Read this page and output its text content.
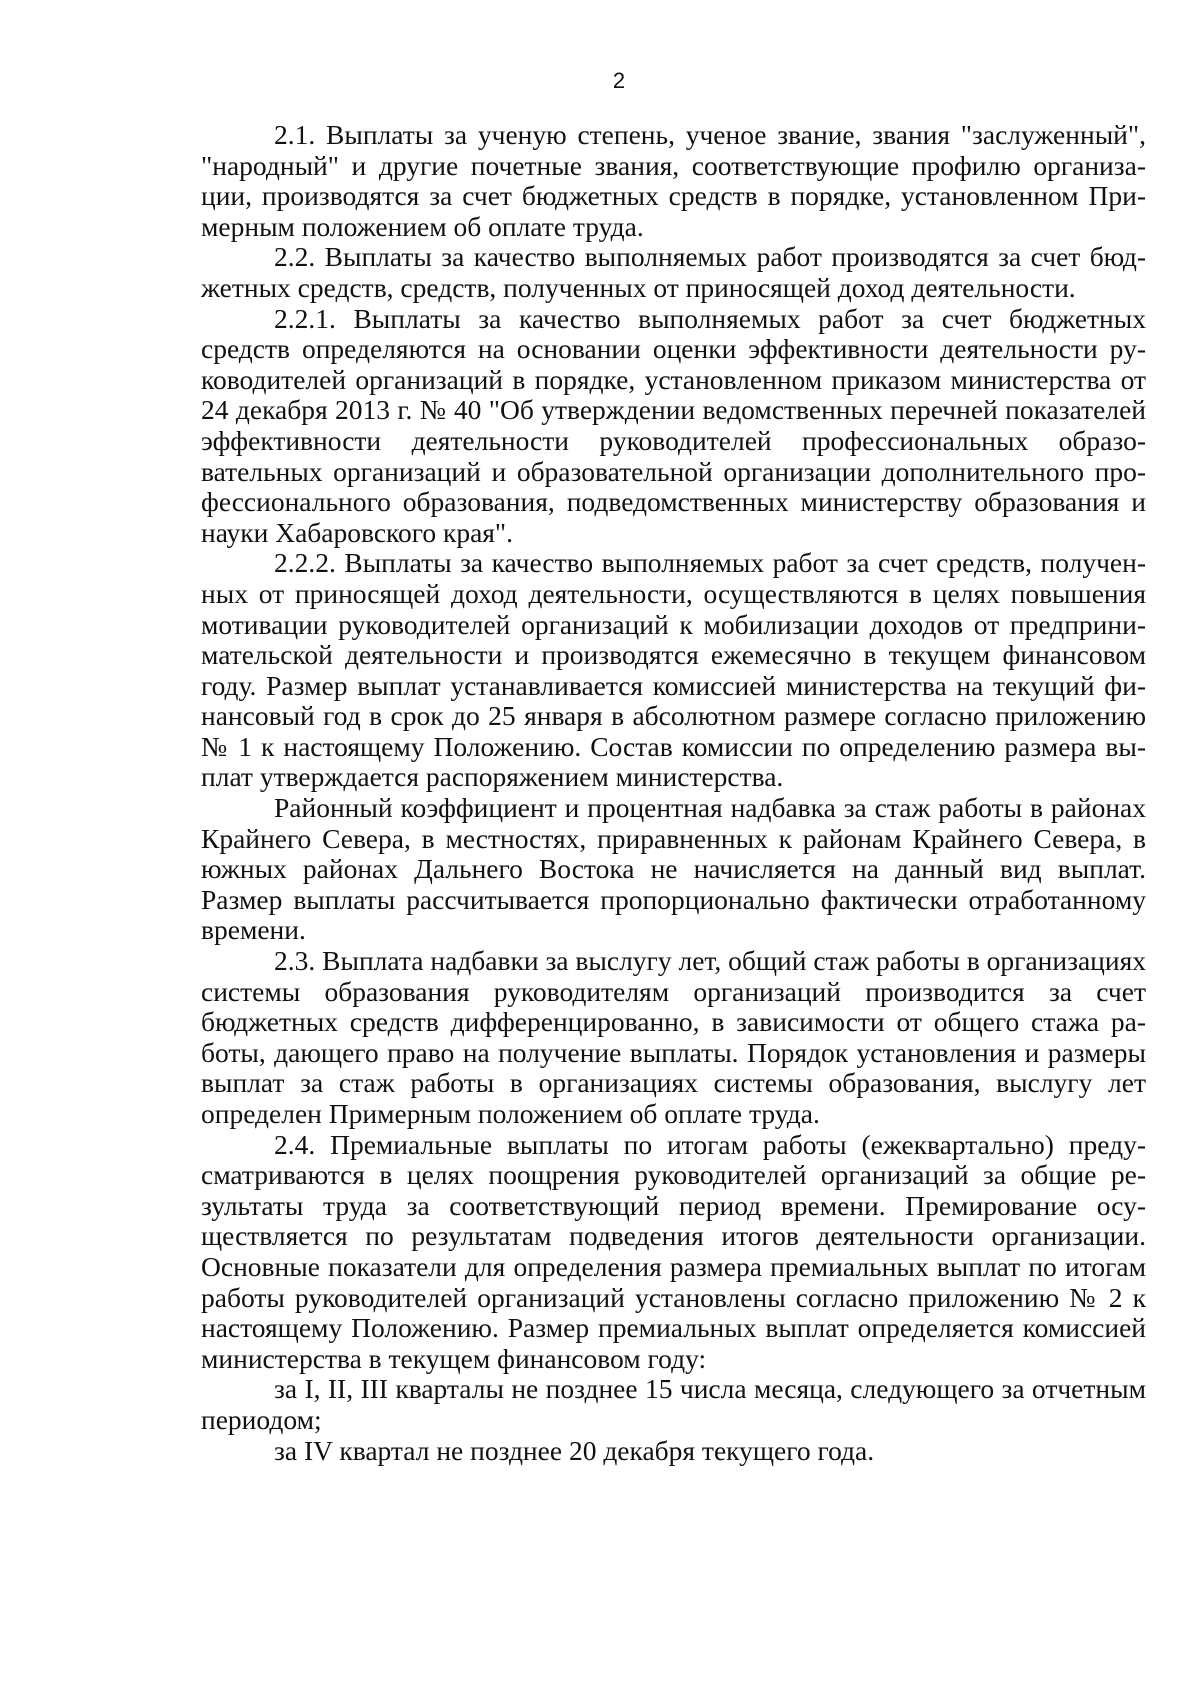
2

2.1. Выплаты за ученую степень, ученое звание, звания "заслуженный", "народный" и другие почетные звания, соответствующие профилю организации, производятся за счет бюджетных средств в порядке, установленном Примерным положением об оплате труда.

2.2. Выплаты за качество выполняемых работ производятся за счет бюджетных средств, средств, полученных от приносящей доход деятельности.

2.2.1. Выплаты за качество выполняемых работ за счет бюджетных средств определяются на основании оценки эффективности деятельности руководителей организаций в порядке, установленном приказом министерства от 24 декабря 2013 г. № 40 "Об утверждении ведомственных перечней показателей эффективности деятельности руководителей профессиональных образовательных организаций и образовательной организации дополнительного профессионального образования, подведомственных министерству образования и науки Хабаровского края".

2.2.2. Выплаты за качество выполняемых работ за счет средств, полученных от приносящей доход деятельности, осуществляются в целях повышения мотивации руководителей организаций к мобилизации доходов от предпринимательской деятельности и производятся ежемесячно в текущем финансовом году. Размер выплат устанавливается комиссией министерства на текущий финансовый год в срок до 25 января в абсолютном размере согласно приложению № 1 к настоящему Положению. Состав комиссии по определению размера выплат утверждается распоряжением министерства.

Районный коэффициент и процентная надбавка за стаж работы в районах Крайнего Севера, в местностях, приравненных к районам Крайнего Севера, в южных районах Дальнего Востока не начисляется на данный вид выплат. Размер выплаты рассчитывается пропорционально фактически отработанному времени.

2.3. Выплата надбавки за выслугу лет, общий стаж работы в организациях системы образования руководителям организаций производится за счет бюджетных средств дифференцированно, в зависимости от общего стажа работы, дающего право на получение выплаты. Порядок установления и размеры выплат за стаж работы в организациях системы образования, выслугу лет определен Примерным положением об оплате труда.

2.4. Премиальные выплаты по итогам работы (ежеквартально) предусматриваются в целях поощрения руководителей организаций за общие результаты труда за соответствующий период времени. Премирование осуществляется по результатам подведения итогов деятельности организации. Основные показатели для определения размера премиальных выплат по итогам работы руководителей организаций установлены согласно приложению № 2 к настоящему Положению. Размер премиальных выплат определяется комиссией министерства в текущем финансовом году:

за I, II, III кварталы не позднее 15 числа месяца, следующего за отчетным периодом;

за IV квартал не позднее 20 декабря текущего года.
